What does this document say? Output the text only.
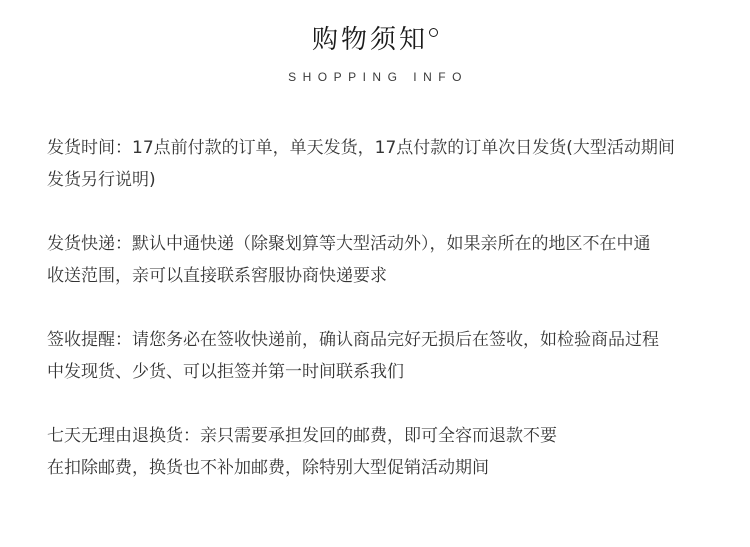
购物须知
SHOPPING INFO

发货时间：17点前付款的订单，单天发货，17点付款的订单次日发货(大型活动期间
发货另行说明)

发货快递：默认中通快递（除聚划算等大型活动外），如果亲所在的地区不在中通
收送范围，亲可以直接联系窖服协商快递要求

签收提醒：请您务必在签收快递前，确认商品完好无损后在签收，如检验商品过程
中发现货、少货、可以拒签并第一时间联系我们

七天无理由退换货：亲只需要承担发回的邮费，即可全容而退款不要
在扣除邮费，换货也不补加邮费，除特别大型促销活动期间
